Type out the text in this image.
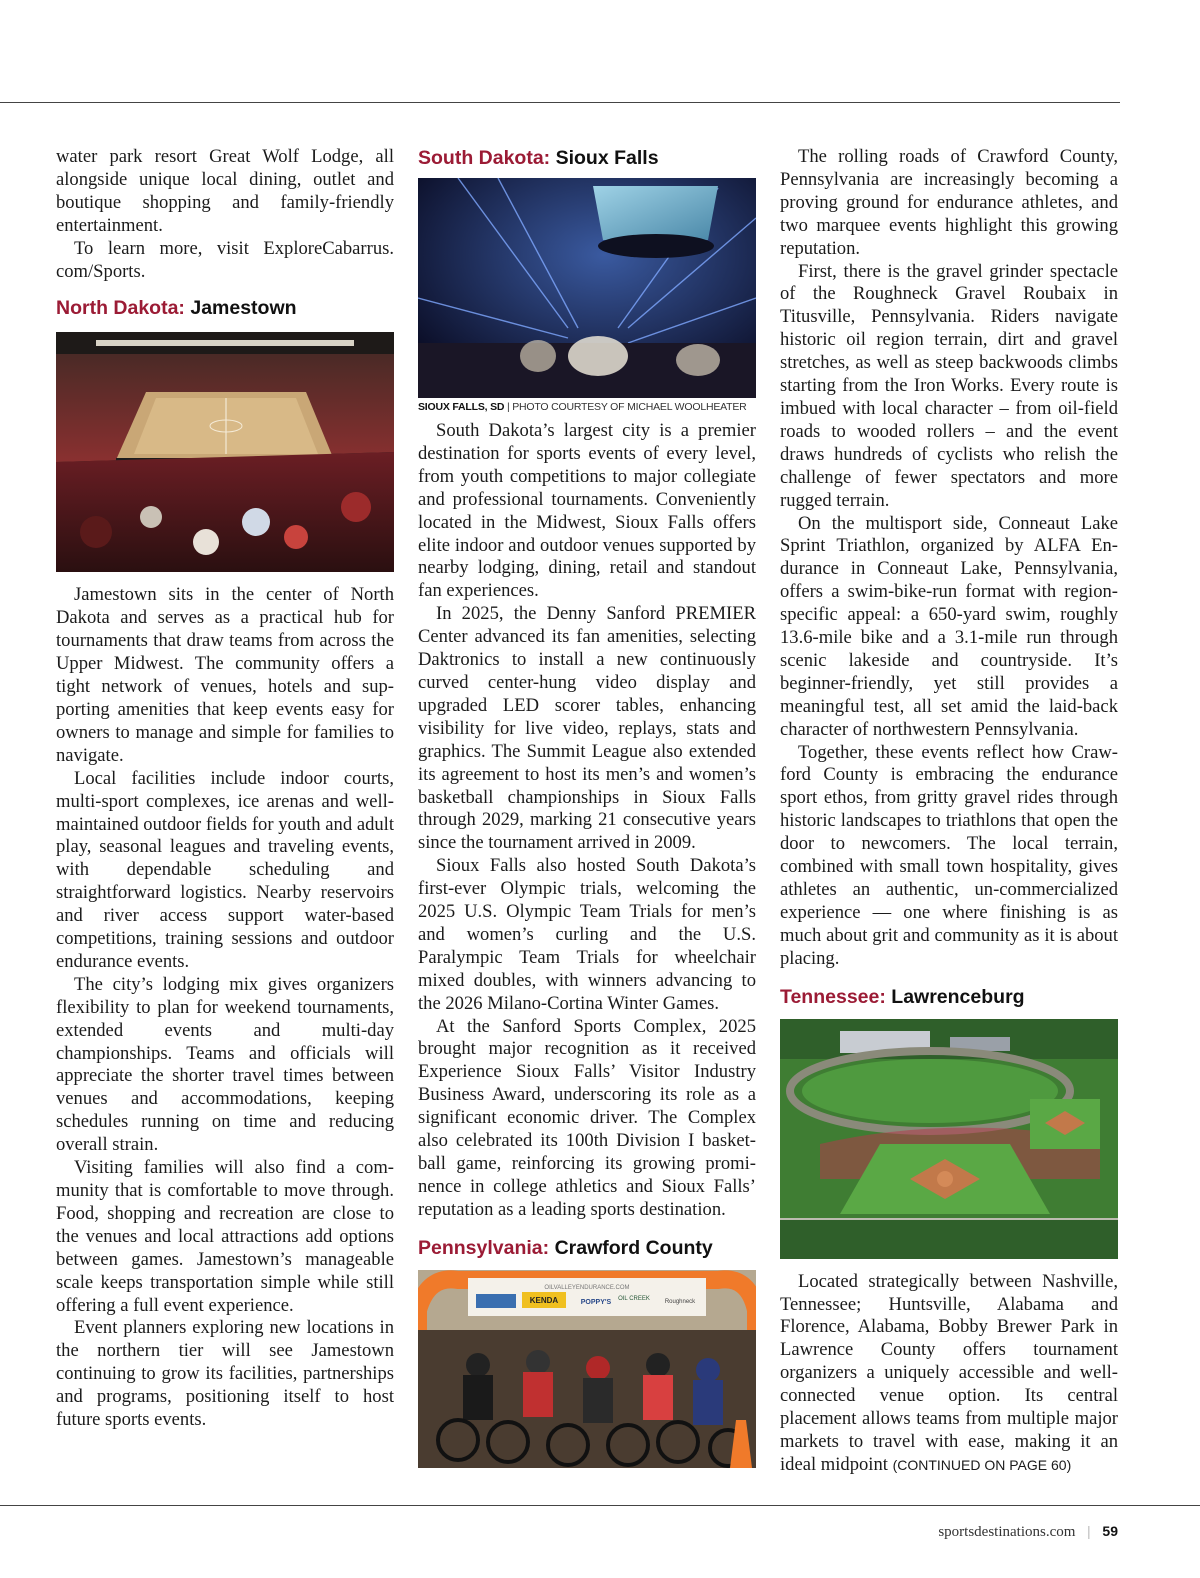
water park resort Great Wolf Lodge, all alongside unique local dining, outlet and boutique shopping and family-friendly entertainment.

To learn more, visit ExploreCabarrus. com/Sports.

North Dakota: Jamestown

Jamestown sits in the center of North Dakota and serves as a practical hub for tournaments that draw teams from across the Upper Midwest. The community offers a tight network of venues, hotels and supporting amenities that keep events easy for owners to manage and simple for families to navigate.

Local facilities include indoor courts, multi-sport complexes, ice arenas and well-maintained outdoor fields for youth and adult play, seasonal leagues and traveling events, with dependable scheduling and straightforward logistics. Nearby reservoirs and river access support water-based competitions, training sessions and outdoor endurance events.

The city’s lodging mix gives organizers flexibility to plan for weekend tournaments, extended events and multi-day championships. Teams and officials will appreciate the shorter travel times between venues and accommodations, keeping schedules running on time and reducing overall strain.

Visiting families will also find a community that is comfortable to move through. Food, shopping and recreation are close to the venues and local attractions add options between games. Jamestown’s manageable scale keeps transportation simple while still offering a full event experience.

Event planners exploring new locations in the northern tier will see Jamestown continuing to grow its facilities, partnerships and programs, positioning itself to host future sports events.

South Dakota: Sioux Falls
SIOUX FALLS, SD | PHOTO COURTESY OF MICHAEL WOOLHEATER

South Dakota’s largest city is a premier destination for sports events of every level, from youth competitions to major collegiate and professional tournaments. Conveniently located in the Midwest, Sioux Falls offers elite indoor and outdoor venues supported by nearby lodging, dining, retail and standout fan experiences.

In 2025, the Denny Sanford PREMIER Center advanced its fan amenities, selecting Daktronics to install a new continuously curved center-hung video display and upgraded LED scorer tables, enhancing visibility for live video, replays, stats and graphics. The Summit League also extended its agreement to host its men’s and women’s basketball championships in Sioux Falls through 2029, marking 21 consecutive years since the tournament arrived in 2009.

Sioux Falls also hosted South Dakota’s first-ever Olympic trials, welcoming the 2025 U.S. Olympic Team Trials for men’s and women’s curling and the U.S. Paralympic Team Trials for wheelchair mixed doubles, with winners advancing to the 2026 Milano-Cortina Winter Games.

At the Sanford Sports Complex, 2025 brought major recognition as it received Experience Sioux Falls’ Visitor Industry Business Award, underscoring its role as a significant economic driver. The Complex also celebrated its 100th Division I basketball game, reinforcing its growing prominence in college athletics and Sioux Falls’ reputation as a leading sports destination.

Pennsylvania: Crawford County
OILVALLEYENDURANCE.COM
KENDA	POPPY'S OIL CREEK Roughneck

The rolling roads of Crawford County, Pennsylvania are increasingly becoming a proving ground for endurance athletes, and two marquee events highlight this growing reputation.

First, there is the gravel grinder spectacle of the Roughneck Gravel Roubaix in Titusville, Pennsylvania. Riders navigate historic oil region terrain, dirt and gravel stretches, as well as steep backwoods climbs starting from the Iron Works. Every route is imbued with local character – from oil-field roads to wooded rollers – and the event draws hundreds of cyclists who relish the challenge of fewer spectators and more rugged terrain.

On the multisport side, Conneaut Lake Sprint Triathlon, organized by ALFA Endurance in Conneaut Lake, Pennsylvania, offers a swim-bike-run format with region-specific appeal: a 650-yard swim, roughly 13.6-mile bike and a 3.1-mile run through scenic lakeside and countryside. It’s beginner-friendly, yet still provides a meaningful test, all set amid the laid-back character of northwestern Pennsylvania.

Together, these events reflect how Crawford County is embracing the endurance sport ethos, from gritty gravel rides through historic landscapes to triathlons that open the door to newcomers. The local terrain, combined with small town hospitality, gives athletes an authentic, un-commercialized experience — one where finishing is as much about grit and community as it is about placing.

Tennessee: Lawrenceburg

Located strategically between Nashville, Tennessee; Huntsville, Alabama and Florence, Alabama, Bobby Brewer Park in Lawrence County offers tournament organizers a uniquely accessible and well-connected venue option. Its central placement allows teams from multiple major markets to travel with ease, making it an ideal midpoint (CONTINUED ON PAGE 60)

sportsdestinations.com | 59
